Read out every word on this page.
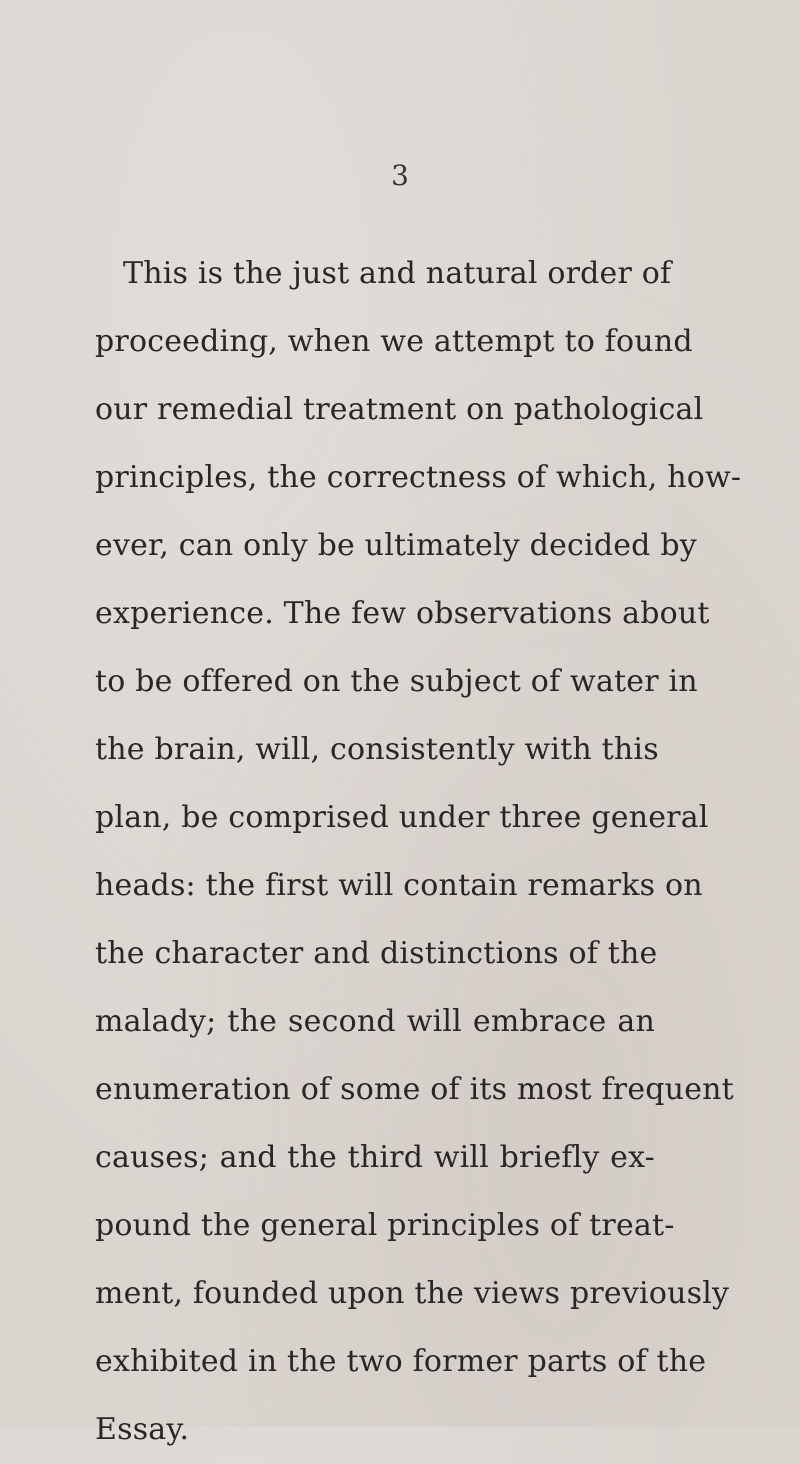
3
This is the just and natural order of
proceeding, when we attempt to found
our remedial treatment on pathological
principles, the correctness of which, how-
ever, can only be ultimately decided by
experience. The few observations about
to be offered on the subject of water in
the brain, will, consistently with this
plan, be comprised under three general
heads: the first will contain remarks on
the character and distinctions of the
malady; the second will embrace an
enumeration of some of its most frequent
causes; and the third will briefly ex-
pound the general principles of treat-
ment, founded upon the views previously
exhibited in the two former parts of the
Essay.
